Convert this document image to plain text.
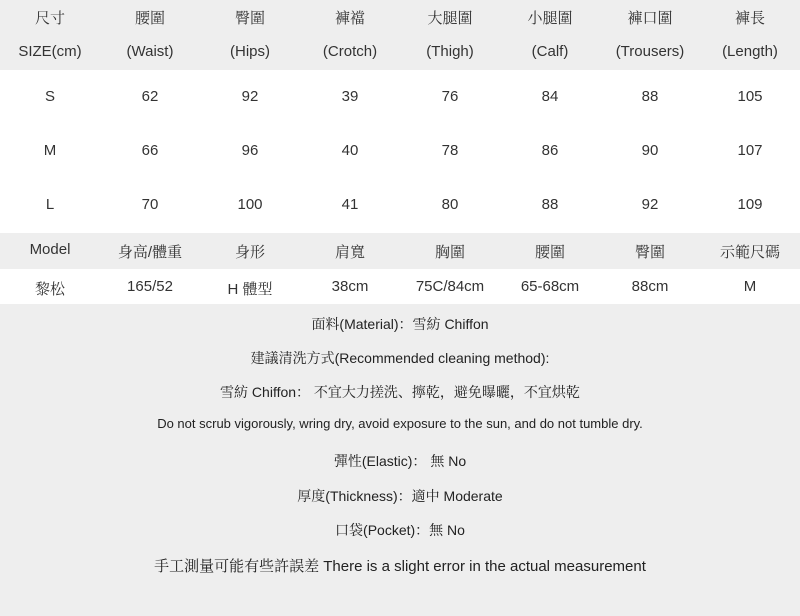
尺寸	腰圍	臀圍	褲襠	大腿圍	小腿圍	褲口圍	褲長
SIZE(cm)	(Waist)	(Hips)	(Crotch)	(Thigh)	(Calf)	(Trousers)	(Length)
S	62	92	39	76	84	88	105
M	66	96	40	78	86	90	107
L	70	100	41	80	88	92	109
Model	身高/體重	身形	肩寬	胸圍	腰圍	臀圍	示範尺碼
黎松	165/52	H 體型	38cm	75C/84cm	65-68cm	88cm	M
面料(Material)：雪紡 Chiffon
建議清洗方式(Recommended cleaning method):
雪紡 Chiffon： 不宜大力搓洗、擰乾，避免曝曬，不宜烘乾
Do not scrub vigorously, wring dry, avoid exposure to the sun, and do not tumble dry.
彈性(Elastic)： 無 No
厚度(Thickness)：適中 Moderate
口袋(Pocket)：無 No
手工測量可能有些許誤差 There is a slight error in the actual measurement
